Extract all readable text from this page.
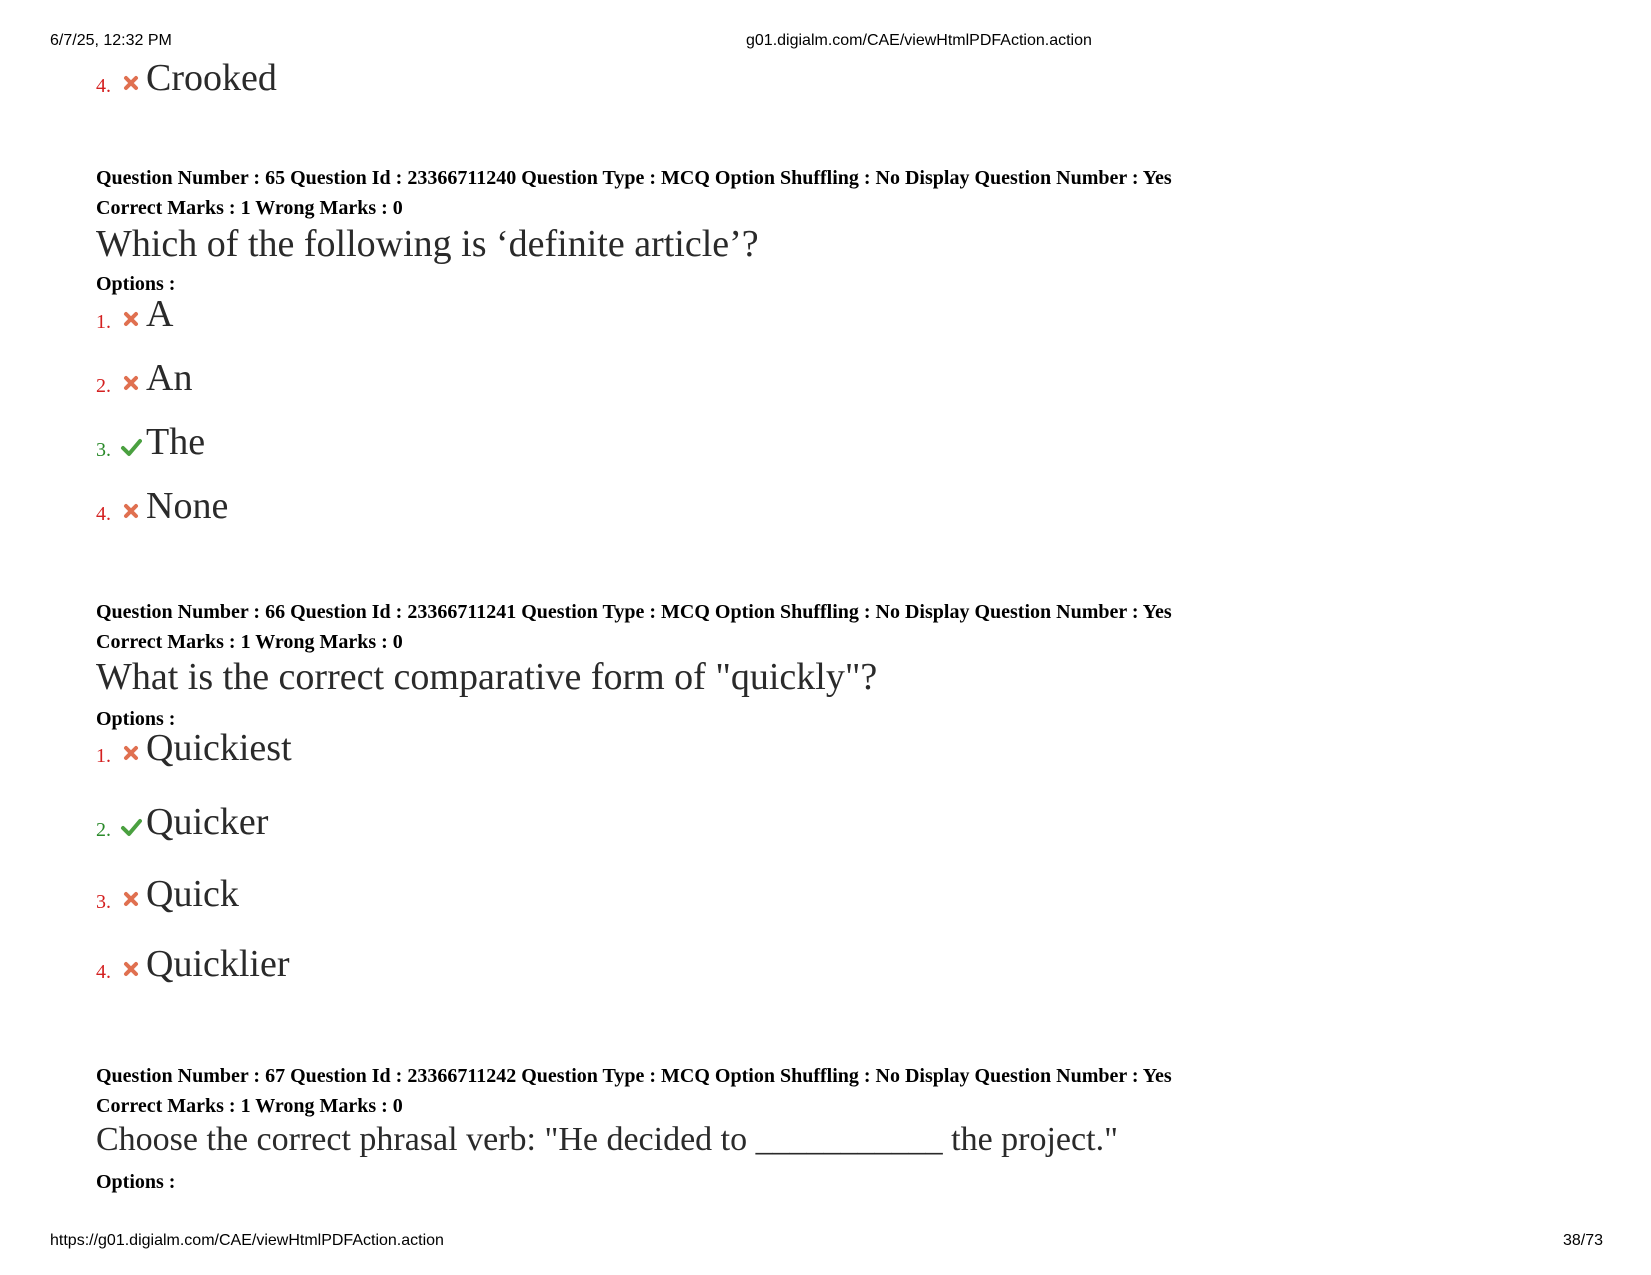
6/7/25, 12:32 PM	g01.digialm.com/CAE/viewHtmlPDFAction.action
4. Crooked
Question Number : 65 Question Id : 23366711240 Question Type : MCQ Option Shuffling : No Display Question Number : Yes
Correct Marks : 1 Wrong Marks : 0
Which of the following is ‘definite article’?
Options :
1. A
2. An
3. The
4. None
Question Number : 66 Question Id : 23366711241 Question Type : MCQ Option Shuffling : No Display Question Number : Yes
Correct Marks : 1 Wrong Marks : 0
What is the correct comparative form of "quickly"?
Options :
1. Quickiest
2. Quicker
3. Quick
4. Quicklier
Question Number : 67 Question Id : 23366711242 Question Type : MCQ Option Shuffling : No Display Question Number : Yes
Correct Marks : 1 Wrong Marks : 0
Choose the correct phrasal verb: "He decided to ___________ the project."
Options :
https://g01.digialm.com/CAE/viewHtmlPDFAction.action	38/73
